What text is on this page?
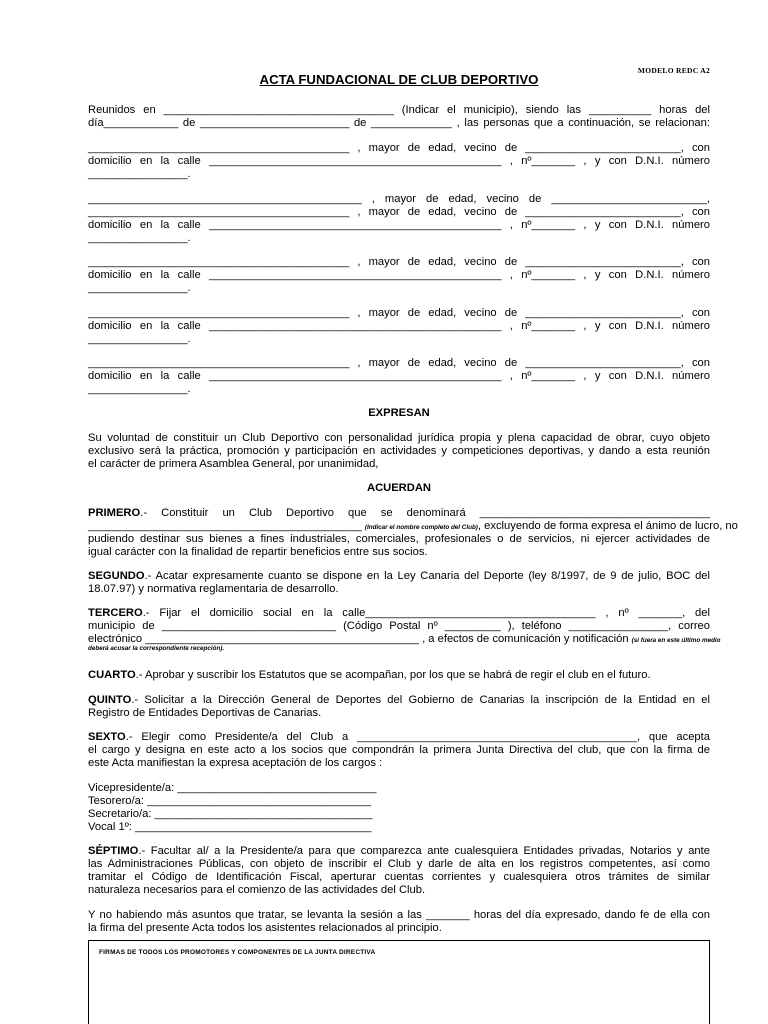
MODELO REDC A2
ACTA FUNDACIONAL DE CLUB DEPORTIVO
Reunidos en _____________________________________ (Indicar el municipio), siendo las __________ horas del
día____________ de ________________________ de _____________ , las personas que a continuación, se relacionan:
__________________________________________ , mayor de edad, vecino de _________________________, con
domicilio en la calle _______________________________________________ , nº_______ , y con D.N.I. número
________________.
____________________________________________ , mayor de edad, vecino de _________________________,
__________________________________________ , mayor de edad, vecino de _________________________, con
domicilio en la calle _______________________________________________ , nº_______ , y con D.N.I. número
________________.
__________________________________________ , mayor de edad, vecino de _________________________, con
domicilio en la calle _______________________________________________ , nº_______ , y con D.N.I. número
________________.
__________________________________________ , mayor de edad, vecino de _________________________, con
domicilio en la calle _______________________________________________ , nº_______ , y con D.N.I. número
________________.
__________________________________________ , mayor de edad, vecino de _________________________, con
domicilio en la calle _______________________________________________ , nº_______ , y con D.N.I. número
________________.
EXPRESAN
Su voluntad de constituir un Club Deportivo con personalidad jurídica propia y plena capacidad de obrar, cuyo objeto
exclusivo será la práctica, promoción y participación en actividades y competiciones deportivas, y dando a esta reunión
el carácter de primera Asamblea General, por unanimidad,
ACUERDAN
PRIMERO.- Constituir un Club Deportivo que se denominará _____________________________________
____________________________________________ (Indicar el nombre completo del Club), excluyendo de forma expresa el ánimo de lucro, no
pudiendo destinar sus bienes a fines industriales, comerciales, profesionales o de servicios, ni ejercer actividades de
igual carácter con la finalidad de repartir beneficios entre sus socios.
SEGUNDO.- Acatar expresamente cuanto se dispone en la Ley Canaria del Deporte (ley 8/1997, de 9 de julio, BOC del
18.07.97) y normativa reglamentaria de desarrollo.
TERCERO.- Fijar el domicilio social en la calle_____________________________________ , nº _______, del
municipio de ____________________________ (Código Postal nº _________ ), teléfono ________________, correo
electrónico ____________________________________________ , a efectos de comunicación y notificación (si fuera en este último medio
deberá acusar la correspondiente recepción).
CUARTO.- Aprobar y suscribir los Estatutos que se acompañan, por los que se habrá de regir el club en el futuro.
QUINTO.- Solicitar a la Dirección General de Deportes del Gobierno de Canarias la inscripción de la Entidad en el
Registro de Entidades Deportivas de Canarias.
SEXTO.- Elegir como Presidente/a del Club a _____________________________________________, que acepta
el cargo y designa en este acto a los socios que compondrán la primera Junta Directiva del club, que con la firma de
este Acta manifiestan la expresa aceptación de los cargos :
Vicepresidente/a: ________________________________
Tesorero/a: ____________________________________
Secretario/a: ___________________________________
Vocal 1º: ______________________________________
SÉPTIMO.- Facultar al/ a la Presidente/a para que comparezca ante cualesquiera Entidades privadas, Notarios y ante
las Administraciones Públicas, con objeto de inscribir el Club y darle de alta en los registros competentes, así como
tramitar el Código de Identificación Fiscal, aperturar cuentas corrientes y cualesquiera otros trámites de similar
naturaleza necesarios para el comienzo de las actividades del Club.
Y no habiendo más asuntos que tratar, se levanta la sesión a las _______ horas del día expresado, dando fe de ella con
la firma del presente Acta todos los asistentes relacionados al principio.
FIRMAS DE TODOS LOS PROMOTORES Y COMPONENTES DE LA JUNTA DIRECTIVA
